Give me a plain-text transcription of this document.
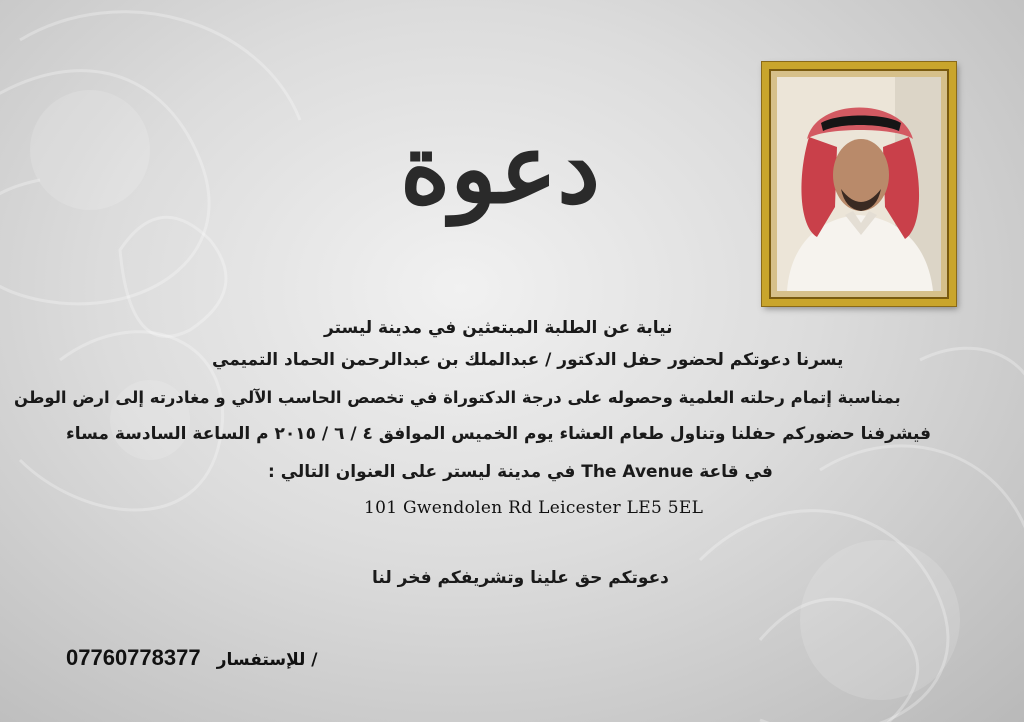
دعوة
نيابة عن الطلبة المبتعثين في مدينة ليستر
يسرنا دعوتكم لحضور حفل الدكتور / عبدالملك بن عبدالرحمن الحماد التميمي
بمناسبة إتمام رحلته العلمية وحصوله على درجة الدكتوراة في تخصص الحاسب الآلي و مغادرته إلى ارض الوطن
فيشرفنا حضوركم حفلنا وتناول طعام العشاء يوم الخميس الموافق ٤ / ٦ / ٢٠١٥ م الساعة السادسة مساء
في قاعة The Avenue في مدينة ليستر على العنوان التالي :
101 Gwendolen Rd Leicester LE5 5EL
دعوتكم حق علينا وتشريفكم فخر لنا
07760778377 للإستفسار /
